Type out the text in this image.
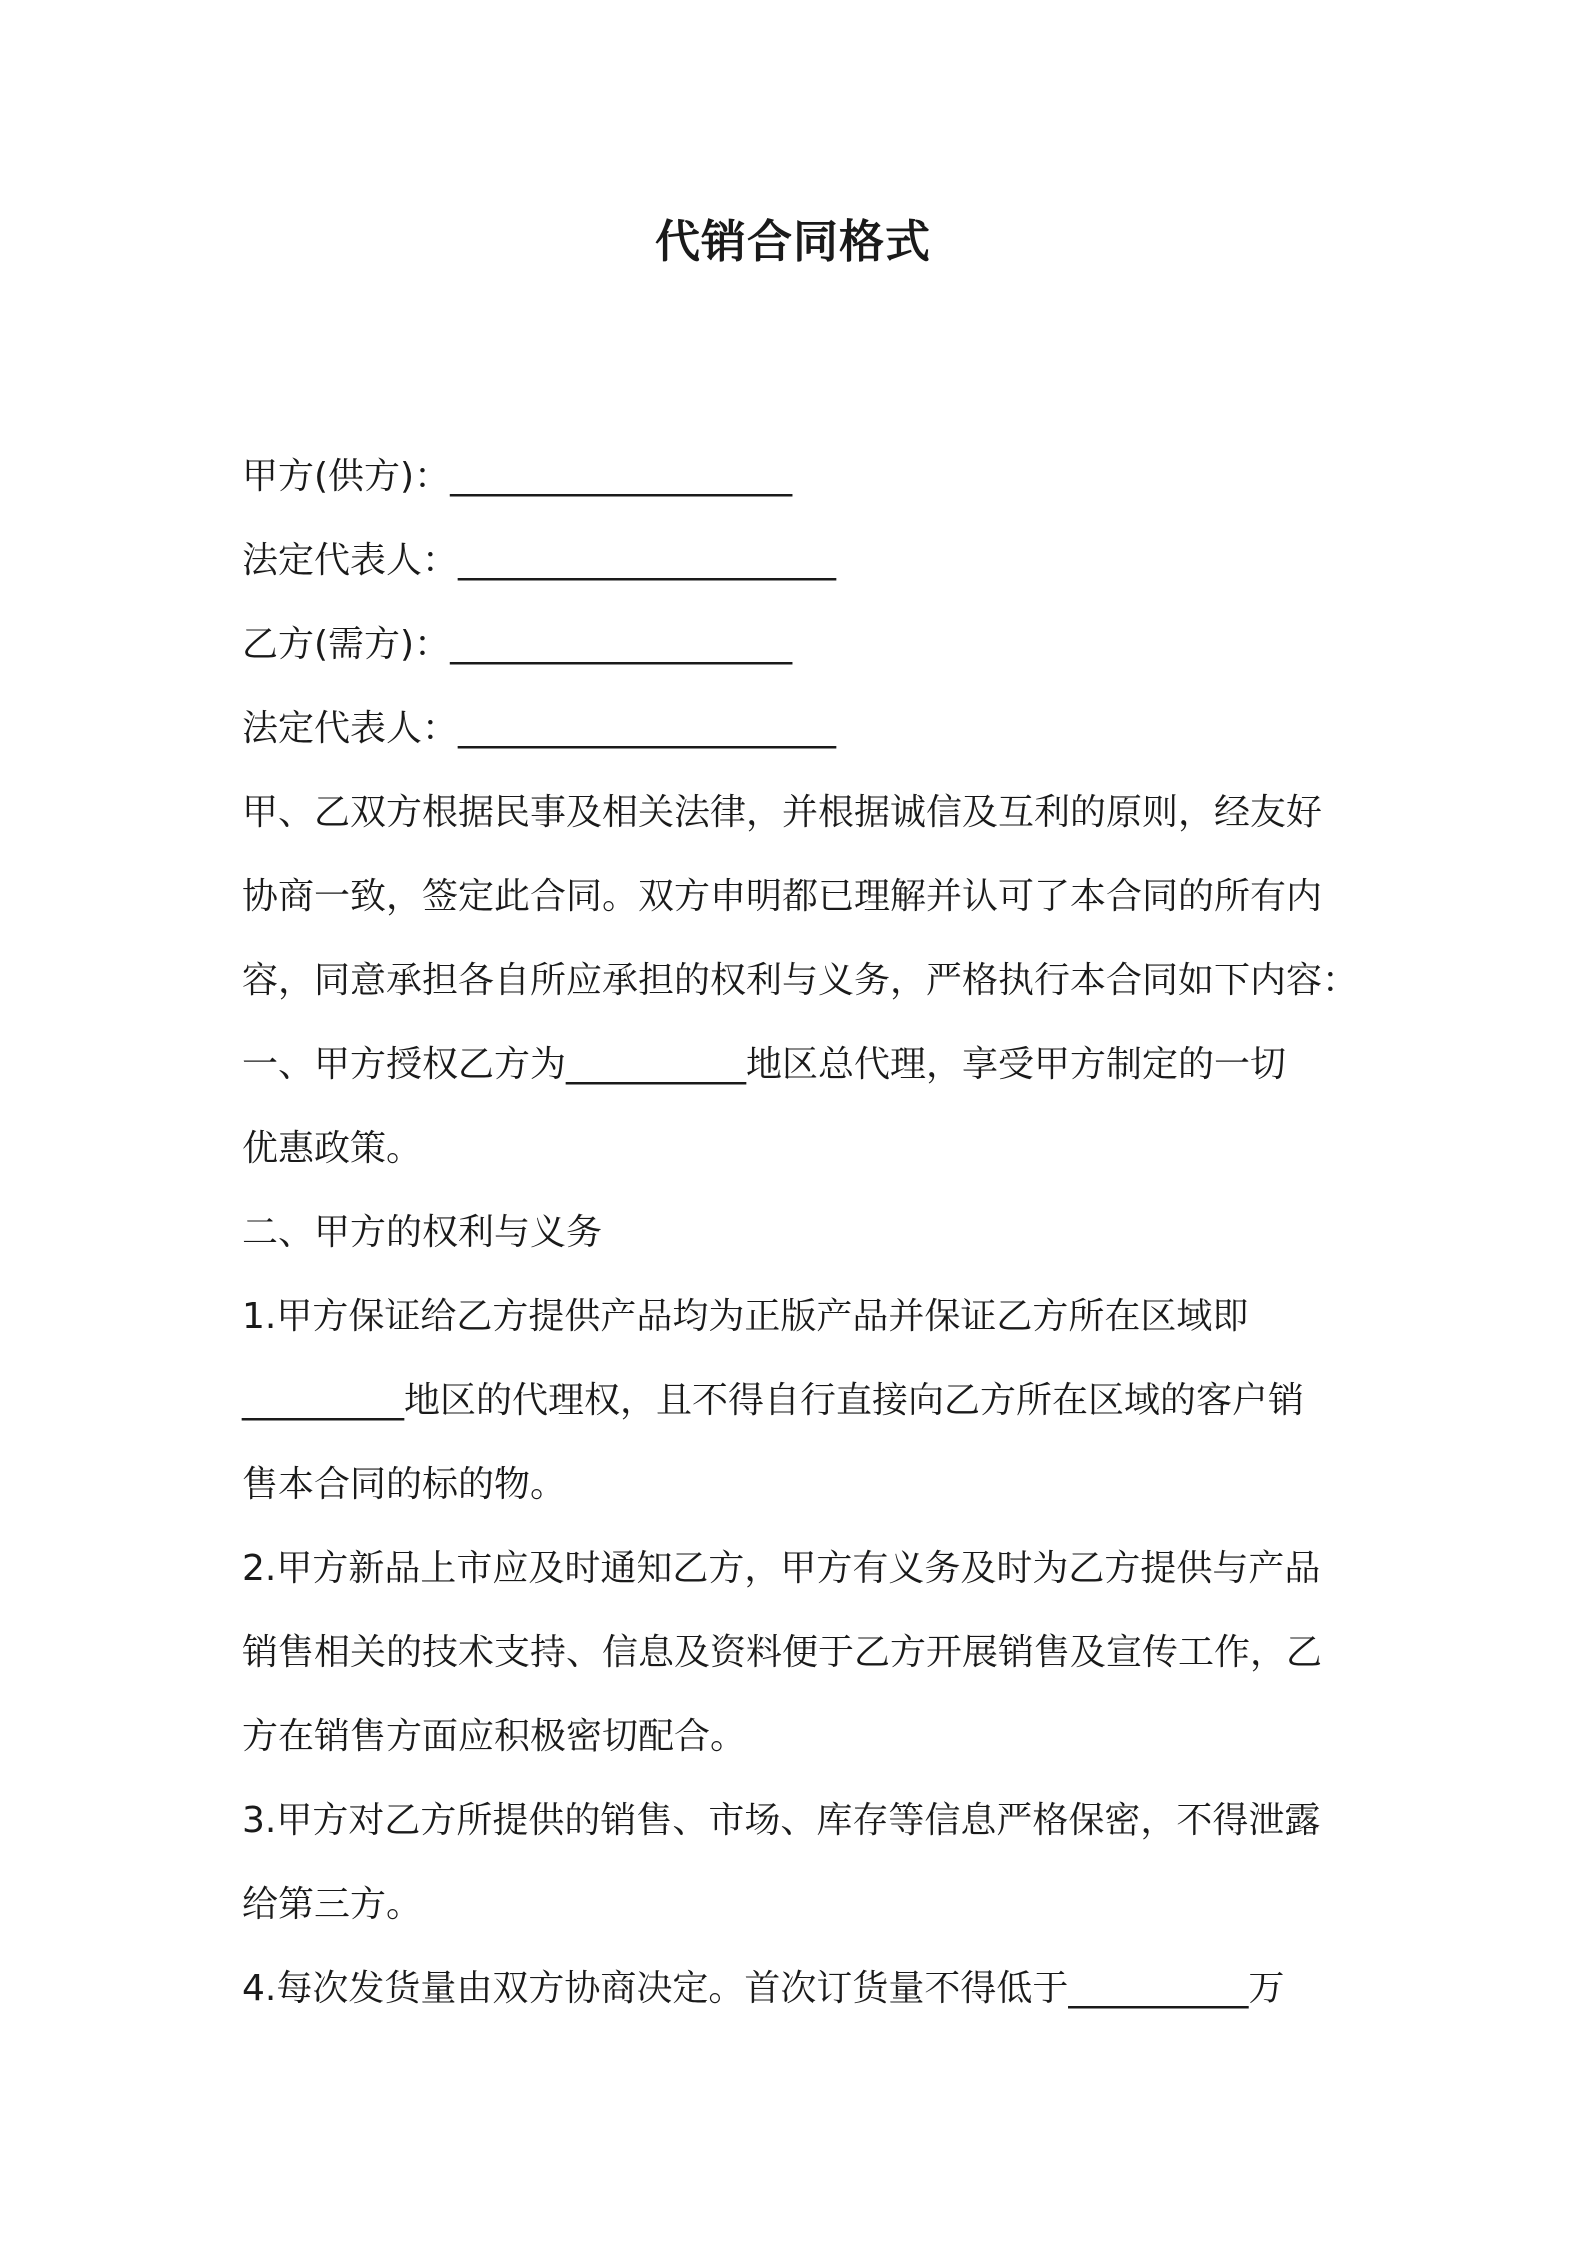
代销合同格式
甲方(供方)：___________________
法定代表人：_____________________
乙方(需方)：___________________
法定代表人：_____________________
甲、乙双方根据民事及相关法律，并根据诚信及互利的原则，经友好
协商一致，签定此合同。双方申明都已理解并认可了本合同的所有内
容，同意承担各自所应承担的权利与义务，严格执行本合同如下内容：
一、甲方授权乙方为__________地区总代理，享受甲方制定的一切
优惠政策。
二、甲方的权利与义务
1.甲方保证给乙方提供产品均为正版产品并保证乙方所在区域即
_________地区的代理权，且不得自行直接向乙方所在区域的客户销
售本合同的标的物。
2.甲方新品上市应及时通知乙方，甲方有义务及时为乙方提供与产品
销售相关的技术支持、信息及资料便于乙方开展销售及宣传工作，乙
方在销售方面应积极密切配合。
3.甲方对乙方所提供的销售、市场、库存等信息严格保密，不得泄露
给第三方。
4.每次发货量由双方协商决定。首次订货量不得低于__________万
